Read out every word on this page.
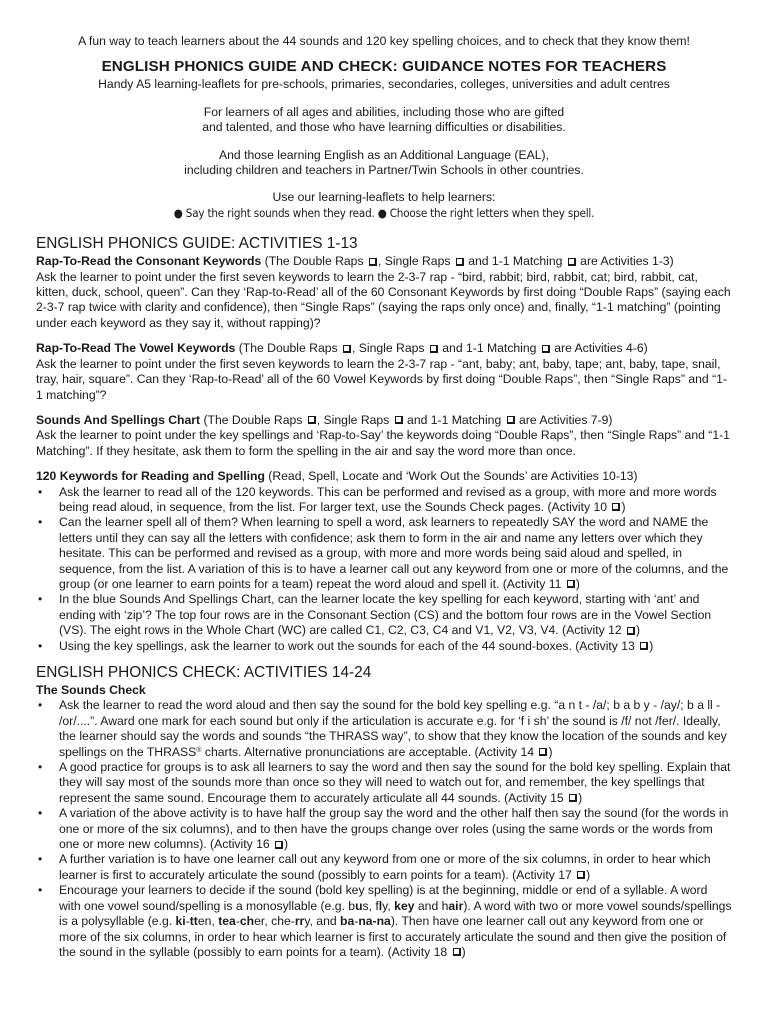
A fun way to teach learners about the 44 sounds and 120 key spelling choices, and to check that they know them!
ENGLISH PHONICS GUIDE AND CHECK: GUIDANCE NOTES FOR TEACHERS
Handy A5 learning-leaflets for pre-schools, primaries, secondaries, colleges, universities and adult centres
For learners of all ages and abilities, including those who are gifted
and talented, and those who have learning difficulties or disabilities.
And those learning English as an Additional Language (EAL),
including children and teachers in Partner/Twin Schools in other countries.
Use our learning-leaflets to help learners:
● Say the right sounds when they read. ● Choose the right letters when they spell.
ENGLISH PHONICS GUIDE: ACTIVITIES 1-13
Rap-To-Read the Consonant Keywords (The Double Raps , Single Raps  and 1-1 Matching  are Activities 1-3)
Ask the learner to point under the first seven keywords to learn the 2-3-7 rap - “bird, rabbit; bird, rabbit, cat; bird, rabbit, cat, kitten, duck, school, queen”. Can they ‘Rap-to-Read’ all of the 60 Consonant Keywords by first doing “Double Raps” (saying each 2-3-7 rap twice with clarity and confidence), then “Single Raps” (saying the raps only once) and, finally, “1-1 matching” (pointing under each keyword as they say it, without rapping)?
Rap-To-Read The Vowel Keywords (The Double Raps , Single Raps  and 1-1 Matching  are Activities 4-6)
Ask the learner to point under the first seven keywords to learn the 2-3-7 rap - “ant, baby; ant, baby, tape; ant, baby, tape, snail, tray, hair, square”. Can they ‘Rap-to-Read’ all of the 60 Vowel Keywords by first doing “Double Raps”, then “Single Raps” and “1-1 matching”?
Sounds And Spellings Chart (The Double Raps , Single Raps  and 1-1 Matching  are Activities 7-9)
Ask the learner to point under the key spellings and ‘Rap-to-Say’ the keywords doing “Double Raps”, then “Single Raps” and “1-1 Matching”. If they hesitate, ask them to form the spelling in the air and say the word more than once.
120 Keywords for Reading and Spelling (Read, Spell, Locate and ‘Work Out the Sounds’ are Activities 10-13)
• Ask the learner to read all of the 120 keywords. This can be performed and revised as a group, with more and more words being read aloud, in sequence, from the list. For larger text, use the Sounds Check pages. (Activity 10 )
• Can the learner spell all of them? When learning to spell a word, ask learners to repeatedly SAY the word and NAME the letters until they can say all the letters with confidence; ask them to form in the air and name any letters over which they hesitate. This can be performed and revised as a group, with more and more words being said aloud and spelled, in sequence, from the list. A variation of this is to have a learner call out any keyword from one or more of the columns, and the group (or one learner to earn points for a team) repeat the word aloud and spell it. (Activity 11 )
• In the blue Sounds And Spellings Chart, can the learner locate the key spelling for each keyword, starting with ‘ant’ and ending with ‘zip’? The top four rows are in the Consonant Section (CS) and the bottom four rows are in the Vowel Section (VS). The eight rows in the Whole Chart (WC) are called C1, C2, C3, C4 and V1, V2, V3, V4. (Activity 12 )
• Using the key spellings, ask the learner to work out the sounds for each of the 44 sound-boxes. (Activity 13 )
ENGLISH PHONICS CHECK: ACTIVITIES 14-24
The Sounds Check
• Ask the learner to read the word aloud and then say the sound for the bold key spelling e.g. “a n t - /a/; b a b y - /ay/; b a ll - /or/....”. Award one mark for each sound but only if the articulation is accurate e.g. for ‘f i sh’ the sound is /f/ not /fer/. Ideally, the learner should say the words and sounds “the THRASS way”, to show that they know the location of the sounds and key spellings on the THRASS® charts. Alternative pronunciations are acceptable. (Activity 14 )
• A good practice for groups is to ask all learners to say the word and then say the sound for the bold key spelling. Explain that they will say most of the sounds more than once so they will need to watch out for, and remember, the key spellings that represent the same sound. Encourage them to accurately articulate all 44 sounds. (Activity 15 )
• A variation of the above activity is to have half the group say the word and the other half then say the sound (for the words in one or more of the six columns), and to then have the groups change over roles (using the same words or the words from one or more new columns). (Activity 16 )
• A further variation is to have one learner call out any keyword from one or more of the six columns, in order to hear which learner is first to accurately articulate the sound (possibly to earn points for a team). (Activity 17 )
• Encourage your learners to decide if the sound (bold key spelling) is at the beginning, middle or end of a syllable. A word with one vowel sound/spelling is a monosyllable (e.g. bus, fly, key and hair). A word with two or more vowel sounds/spellings is a polysyllable (e.g. ki-tten, tea-cher, che-rry, and ba-na-na). Then have one learner call out any keyword from one or more of the six columns, in order to hear which learner is first to accurately articulate the sound and then give the position of the sound in the syllable (possibly to earn points for a team). (Activity 18 )
